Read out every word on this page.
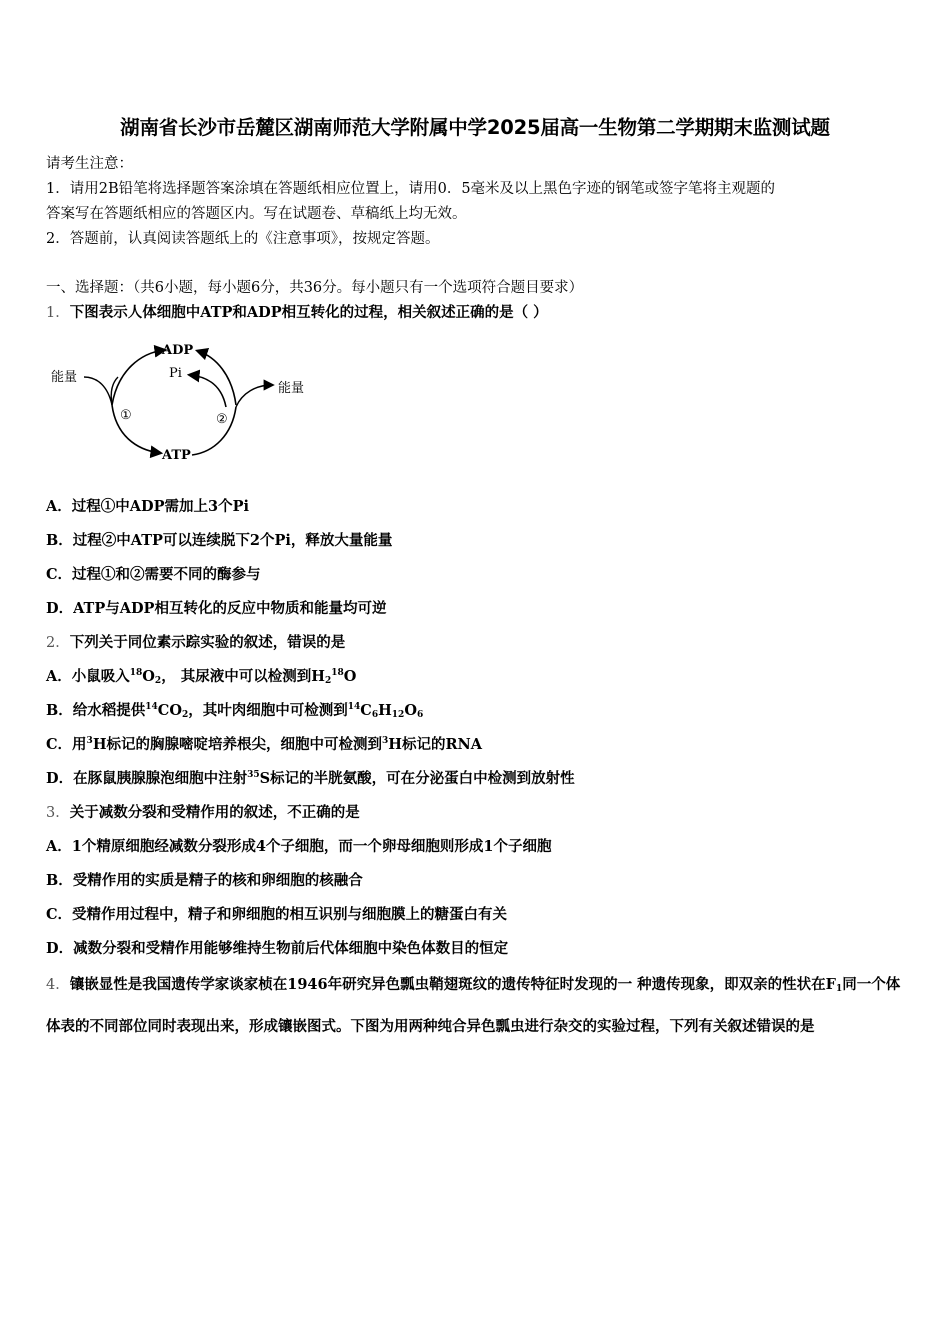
湖南省长沙市岳麓区湖南师范大学附属中学2025届高一生物第二学期期末监测试题
请考生注意：
1．请用2B铅笔将选择题答案涂填在答题纸相应位置上，请用0．5毫米及以上黑色字迹的钢笔或签字笔将主观题的
答案写在答题纸相应的答题区内。写在试题卷、草稿纸上均无效。
2．答题前，认真阅读答题纸上的《注意事项》，按规定答题。
一、选择题：（共6小题，每小题6分，共36分。每小题只有一个选项符合题目要求）
1．下图表示人体细胞中ATP和ADP相互转化的过程，相关叙述正确的是（ ）
能量
ADP
Pi
ATP
能量
①	②
A．过程①中ADP需加上3个Pi
B．过程②中ATP可以连续脱下2个Pi，释放大量能量
C．过程①和②需要不同的酶参与
D．ATP与ADP相互转化的反应中物质和能量均可逆
2．下列关于同位素示踪实验的叙述，错误的是
A．小鼠吸入$^{18}O_2$， 其尿液中可以检测到$H_2^{18}O$
B．给水稻提供$^{14}CO_2$，其叶肉细胞中可检测到$^{14}C_6H_{12}O_6$
C．用$^3$H标记的胸腺嘧啶培养根尖，细胞中可检测到$^3$H标记的RNA
D．在豚鼠胰腺腺泡细胞中注射$^{35}$S标记的半胱氨酸，可在分泌蛋白中检测到放射性
3．关于减数分裂和受精作用的叙述，不正确的是
A．1个精原细胞经减数分裂形成4个子细胞，而一个卵母细胞则形成1个子细胞
B．受精作用的实质是精子的核和卵细胞的核融合
C．受精作用过程中，精子和卵细胞的相互识别与细胞膜上的糖蛋白有关
D．减数分裂和受精作用能够维持生物前后代体细胞中染色体数目的恒定
4．镶嵌显性是我国遗传学家谈家桢在1946年研究异色瓢虫鞘翅斑纹的遗传特征时发现的一 种遗传现象，即双亲的性状在$F_1$同一个体体表的不同部位同时表现出来，形成镶嵌图式。下图为用两种纯合异色瓢虫进行杂交的实验过程，下列有关叙述错误的是
